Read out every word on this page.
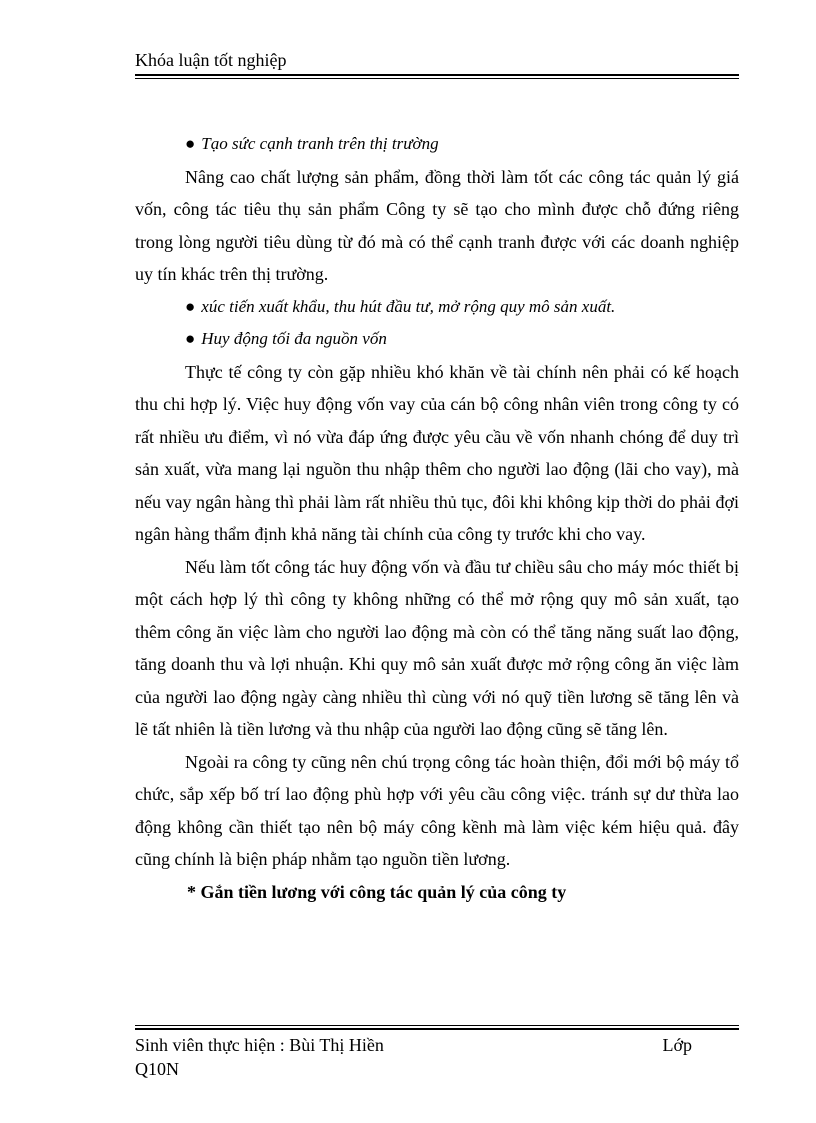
Khóa luận tốt nghiệp

● Tạo sức cạnh tranh trên thị trường

Nâng cao chất lượng sản phẩm, đồng thời làm tốt các công tác quản lý giá vốn, công tác tiêu thụ sản phẩm Công ty sẽ tạo cho mình được chỗ đứng riêng trong lòng người tiêu dùng từ đó mà có thể cạnh tranh được với các doanh nghiệp uy tín khác trên thị trường.

● xúc tiến xuất khẩu, thu hút đầu tư, mở rộng quy mô sản xuất.

● Huy động tối đa nguồn vốn

Thực tế công ty còn gặp nhiều khó khăn về tài chính nên phải có kế hoạch thu chi hợp lý. Việc huy động vốn vay của cán bộ công nhân viên trong công ty có rất nhiều ưu điểm, vì nó vừa đáp ứng được yêu cầu về vốn nhanh chóng để duy trì sản xuất, vừa mang lại nguồn thu nhập thêm cho người lao động (lãi cho vay), mà nếu vay ngân hàng thì phải làm rất nhiều thủ tục, đôi khi không kịp thời do phải đợi ngân hàng thẩm định khả năng tài chính của công ty trước khi cho vay.

Nếu làm tốt công tác huy động vốn và đầu tư chiều sâu cho máy móc thiết bị một cách hợp lý thì công ty không những có thể mở rộng quy mô sản xuất, tạo thêm công ăn việc làm cho người lao động mà còn có thể tăng năng suất lao động, tăng doanh thu và lợi nhuận. Khi quy mô sản xuất được mở rộng công ăn việc làm của người lao động ngày càng nhiều thì cùng với nó quỹ tiền lương sẽ tăng lên và lẽ tất nhiên là tiền lương và thu nhập của người lao động cũng sẽ tăng lên.

Ngoài ra công ty cũng nên chú trọng công tác hoàn thiện, đổi mới bộ máy tổ chức, sắp xếp bố trí lao động phù hợp với yêu cầu công việc. tránh sự dư thừa lao động không cần thiết tạo nên bộ máy công kềnh mà làm việc kém hiệu quả. đây cũng chính là biện pháp nhằm tạo nguồn tiền lương.

* Gắn tiền lương với công tác quản lý của công ty

Sinh viên thực hiện : Bùi Thị Hiền	Lớp
Q10N
